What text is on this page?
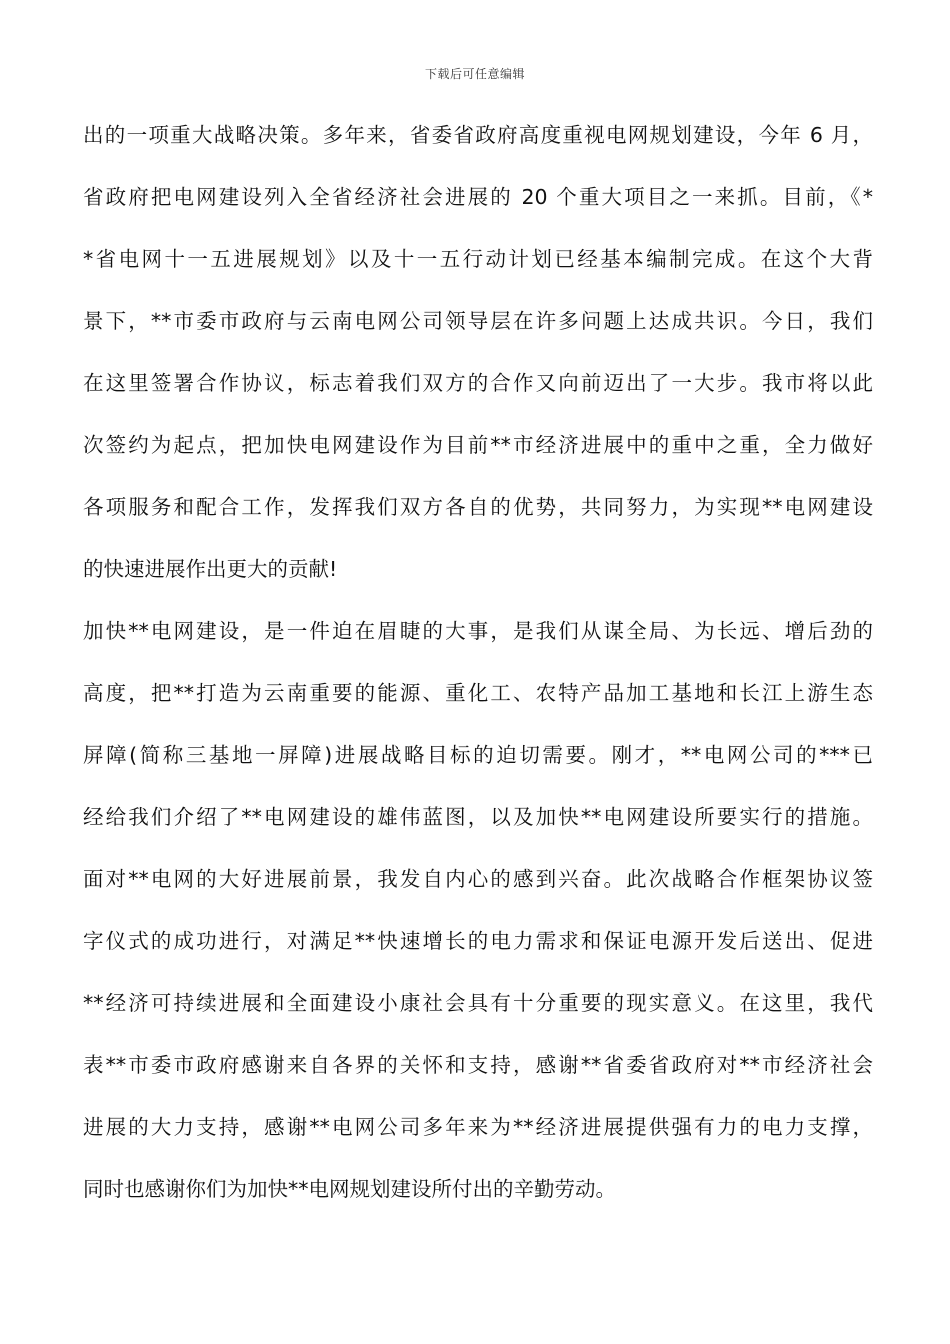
下载后可任意编辑
出的一项重大战略决策。多年来，省委省政府高度重视电网规划建设，今年 6 月，
省政府把电网建设列入全省经济社会进展的 20 个重大项目之一来抓。目前，《*
*省电网十一五进展规划》以及十一五行动计划已经基本编制完成。在这个大背
景下，**市委市政府与云南电网公司领导层在许多问题上达成共识。今日，我们
在这里签署合作协议，标志着我们双方的合作又向前迈出了一大步。我市将以此
次签约为起点，把加快电网建设作为目前**市经济进展中的重中之重，全力做好
各项服务和配合工作，发挥我们双方各自的优势，共同努力，为实现**电网建设
的快速进展作出更大的贡献!
加快**电网建设，是一件迫在眉睫的大事，是我们从谋全局、为长远、增后劲的
高度，把**打造为云南重要的能源、重化工、农特产品加工基地和长江上游生态
屏障(简称三基地一屏障)进展战略目标的迫切需要。刚才，**电网公司的***已
经给我们介绍了**电网建设的雄伟蓝图，以及加快**电网建设所要实行的措施。
面对**电网的大好进展前景，我发自内心的感到兴奋。此次战略合作框架协议签
字仪式的成功进行，对满足**快速增长的电力需求和保证电源开发后送出、促进
**经济可持续进展和全面建设小康社会具有十分重要的现实意义。在这里，我代
表**市委市政府感谢来自各界的关怀和支持，感谢**省委省政府对**市经济社会
进展的大力支持，感谢**电网公司多年来为**经济进展提供强有力的电力支撑，
同时也感谢你们为加快**电网规划建设所付出的辛勤劳动。
